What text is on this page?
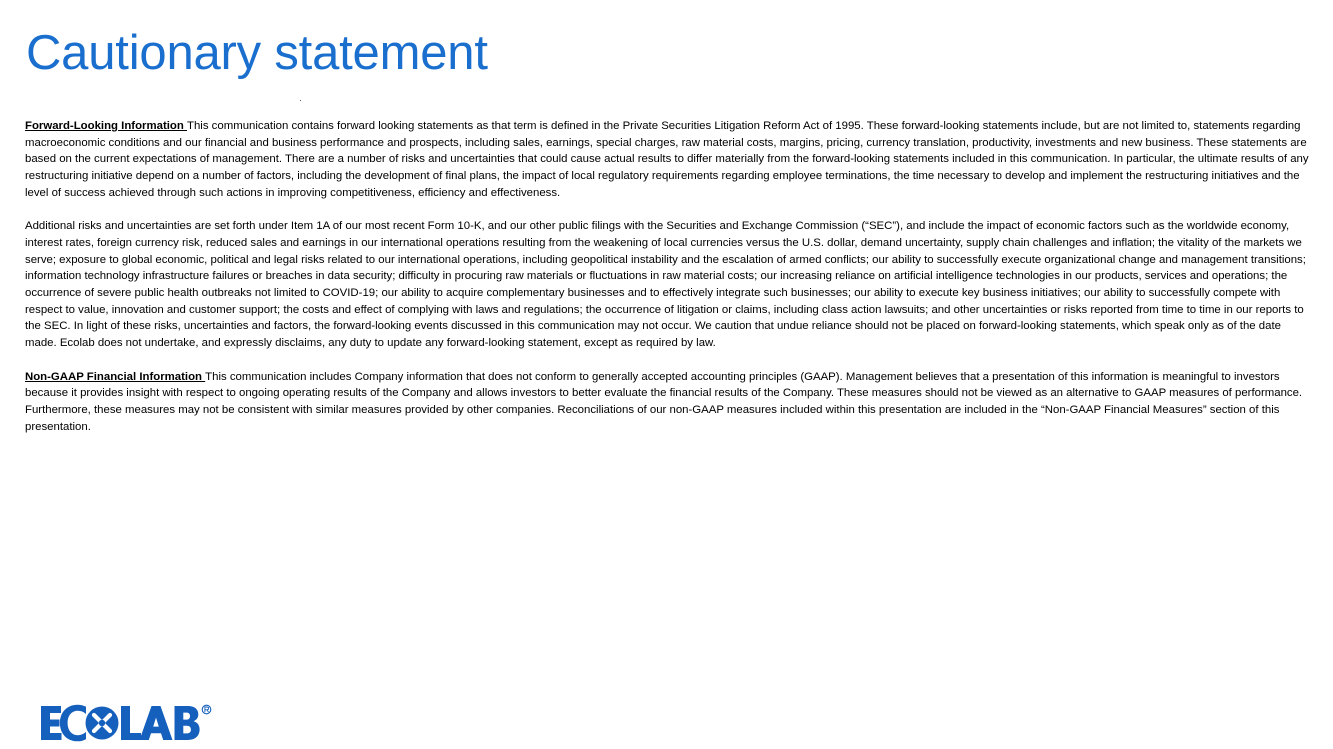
Cautionary statement

Forward-Looking Information This communication contains forward looking statements as that term is defined in the Private Securities Litigation Reform Act of 1995. These forward-looking statements include, but are not limited to, statements regarding macroeconomic conditions and our financial and business performance and prospects, including sales, earnings, special charges, raw material costs, margins, pricing, currency translation, productivity, investments and new business. These statements are based on the current expectations of management. There are a number of risks and uncertainties that could cause actual results to differ materially from the forward-looking statements included in this communication. In particular, the ultimate results of any restructuring initiative depend on a number of factors, including the development of final plans, the impact of local regulatory requirements regarding employee terminations, the time necessary to develop and implement the restructuring initiatives and the level of success achieved through such actions in improving competitiveness, efficiency and effectiveness.

Additional risks and uncertainties are set forth under Item 1A of our most recent Form 10-K, and our other public filings with the Securities and Exchange Commission (“SEC”), and include the impact of economic factors such as the worldwide economy, interest rates, foreign currency risk, reduced sales and earnings in our international operations resulting from the weakening of local currencies versus the U.S. dollar, demand uncertainty, supply chain challenges and inflation; the vitality of the markets we serve; exposure to global economic, political and legal risks related to our international operations, including geopolitical instability and the escalation of armed conflicts; our ability to successfully execute organizational change and management transitions; information technology infrastructure failures or breaches in data security; difficulty in procuring raw materials or fluctuations in raw material costs; our increasing reliance on artificial intelligence technologies in our products, services and operations; the occurrence of severe public health outbreaks not limited to COVID-19; our ability to acquire complementary businesses and to effectively integrate such businesses; our ability to execute key business initiatives; our ability to successfully compete with respect to value, innovation and customer support; the costs and effect of complying with laws and regulations; the occurrence of litigation or claims, including class action lawsuits; and other uncertainties or risks reported from time to time in our reports to the SEC. In light of these risks, uncertainties and factors, the forward-looking events discussed in this communication may not occur. We caution that undue reliance should not be placed on forward-looking statements, which speak only as of the date made. Ecolab does not undertake, and expressly disclaims, any duty to update any forward-looking statement, except as required by law.

Non-GAAP Financial Information This communication includes Company information that does not conform to generally accepted accounting principles (GAAP). Management believes that a presentation of this information is meaningful to investors because it provides insight with respect to ongoing operating results of the Company and allows investors to better evaluate the financial results of the Company. These measures should not be viewed as an alternative to GAAP measures of performance. Furthermore, these measures may not be consistent with similar measures provided by other companies. Reconciliations of our non-GAAP measures included within this presentation are included in the “Non-GAAP Financial Measures” section of this presentation.
